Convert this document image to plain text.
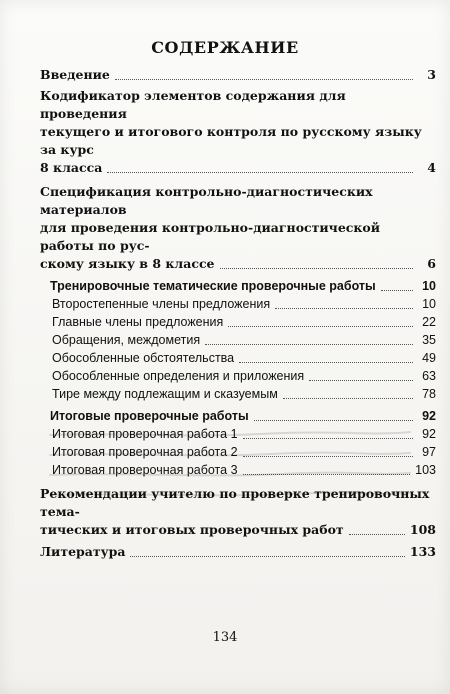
СОДЕРЖАНИЕ
Введение	3
Кодификатор элементов содержания для проведения
текущего и итогового контроля по русскому языку за курс
8 класса	4
Спецификация контрольно-диагностических материалов
для проведения контрольно-диагностической работы по рус-
скому языку в 8 классе	6
Тренировочные тематические проверочные работы	10
Второстепенные члены предложения	10
Главные члены предложения	22
Обращения, междометия	35
Обособленные обстоятельства	49
Обособленные определения и приложения	63
Тире между подлежащим и сказуемым	78
Итоговые проверочные работы	92
Итоговая проверочная работа 1	92
Итоговая проверочная работа 2	97
Итоговая проверочная работа 3	103
Рекомендации учителю по проверке тренировочных тема-
тических и итоговых проверочных работ	108
Литература	133
134
